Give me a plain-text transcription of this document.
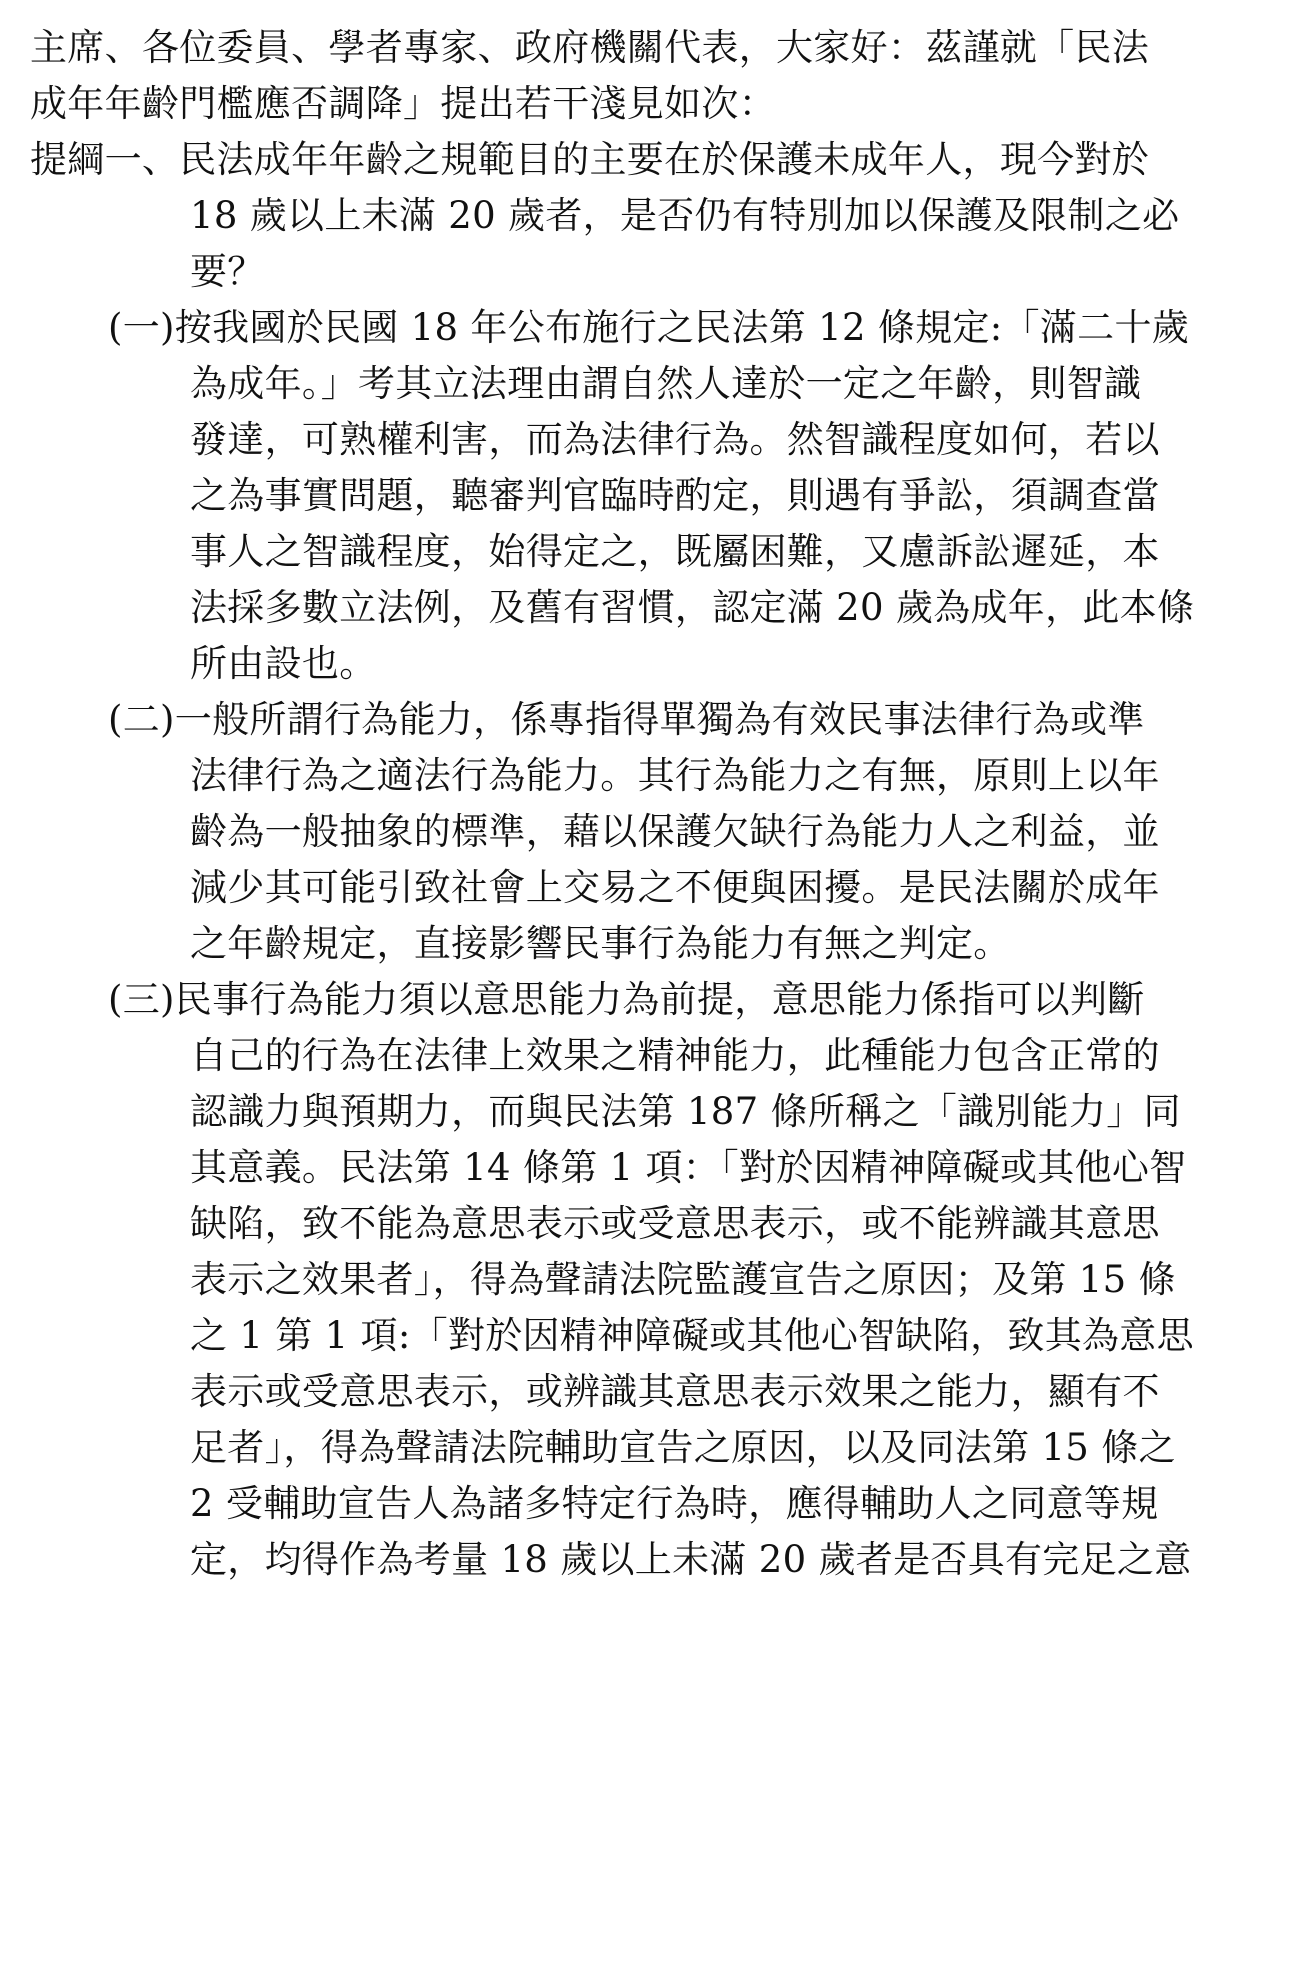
主席、各位委員、學者專家、政府機關代表，大家好：茲謹就「民法
成年年齡門檻應否調降」提出若干淺見如次：
提綱一、民法成年年齡之規範目的主要在於保護未成年人，現今對於
18 歲以上未滿 20 歲者，是否仍有特別加以保護及限制之必
要？
(一)按我國於民國 18 年公布施行之民法第 12 條規定:「滿二十歲
為成年。」考其立法理由謂自然人達於一定之年齡，則智識
發達，可熟權利害，而為法律行為。然智識程度如何，若以
之為事實問題，聽審判官臨時酌定，則遇有爭訟，須調查當
事人之智識程度，始得定之，既屬困難，又慮訴訟遲延，本
法採多數立法例，及舊有習慣，認定滿 20 歲為成年，此本條
所由設也。
(二)一般所謂行為能力，係專指得單獨為有效民事法律行為或準
法律行為之適法行為能力。其行為能力之有無，原則上以年
齡為一般抽象的標準，藉以保護欠缺行為能力人之利益，並
減少其可能引致社會上交易之不便與困擾。是民法關於成年
之年齡規定，直接影響民事行為能力有無之判定。
(三)民事行為能力須以意思能力為前提，意思能力係指可以判斷
自己的行為在法律上效果之精神能力，此種能力包含正常的
認識力與預期力，而與民法第 187 條所稱之「識別能力」同
其意義。民法第 14 條第 1 項：「對於因精神障礙或其他心智
缺陷，致不能為意思表示或受意思表示，或不能辨識其意思
表示之效果者」，得為聲請法院監護宣告之原因；及第 15 條
之 1 第 1 項:「對於因精神障礙或其他心智缺陷，致其為意思
表示或受意思表示，或辨識其意思表示效果之能力，顯有不
足者」，得為聲請法院輔助宣告之原因，以及同法第 15 條之
2 受輔助宣告人為諸多特定行為時，應得輔助人之同意等規
定，均得作為考量 18 歲以上未滿 20 歲者是否具有完足之意
